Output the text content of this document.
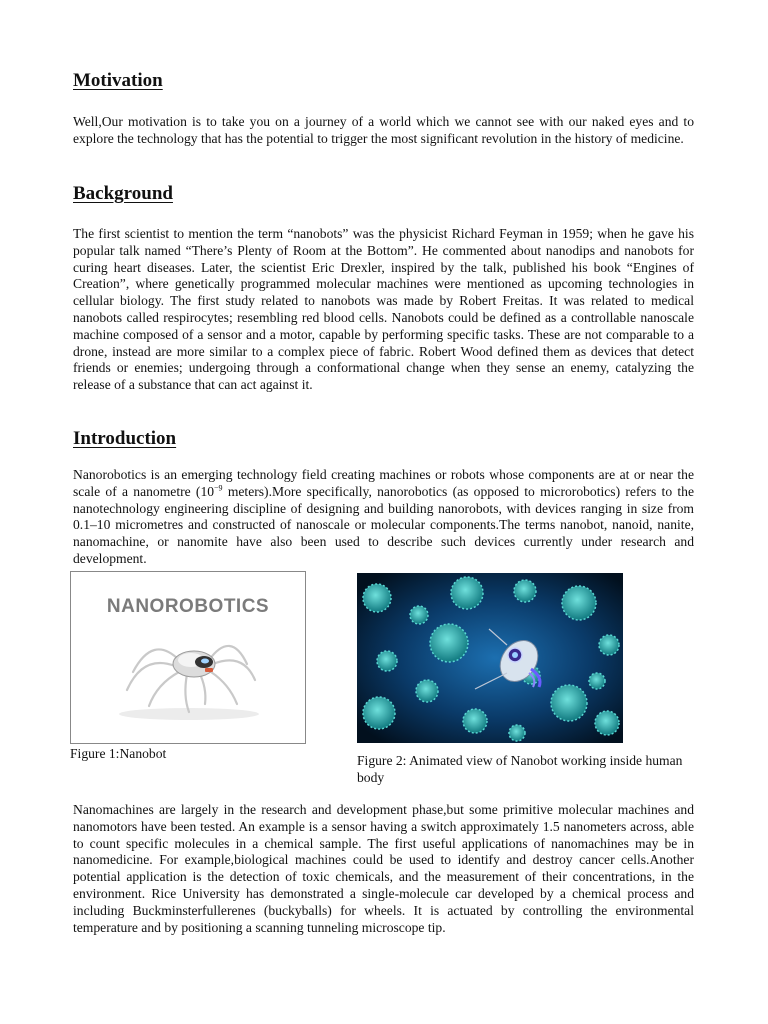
Motivation

Well,Our motivation is to take you on a journey of a world which we cannot see with our naked eyes and to explore the technology that has the potential to trigger the most significant revolution in the history of medicine.

Background

The first scientist to mention the term “nanobots” was the physicist Richard Feyman in 1959; when he gave his popular talk named “There’s Plenty of Room at the Bottom”. He commented about nanodips and nanobots for curing heart diseases. Later, the scientist Eric Drexler, inspired by the talk, published his book “Engines of Creation”, where genetically programmed molecular machines were mentioned as upcoming technologies in cellular biology. The first study related to nanobots was made by Robert Freitas. It was related to medical nanobots called respirocytes; resembling red blood cells. Nanobots could be defined as a controllable nanoscale machine composed of a sensor and a motor, capable by performing specific tasks. These are not comparable to a drone, instead are more similar to a complex piece of fabric. Robert Wood defined them as devices that detect friends or enemies; undergoing through a conformational change when they sense an enemy, catalyzing the release of a substance that can act against it.

Introduction

Nanorobotics is an emerging technology field creating machines or robots whose components are at or near the scale of a nanometre ($10^{-9}$ meters).More specifically, nanorobotics (as opposed to microrobotics) refers to the nanotechnology engineering discipline of designing and building nanorobots, with devices ranging in size from 0.1–10 micrometres and constructed of nanoscale or molecular components.The terms nanobot, nanoid, nanite, nanomachine, or nanomite have also been used to describe such devices currently under research and development.

NANOROBOTICS

Figure 1:Nanobot	Figure 2: Animated view of Nanobot working inside human body

Nanomachines are largely in the research and development phase,but some primitive molecular machines and nanomotors have been tested. An example is a sensor having a switch approximately 1.5 nanometers across, able to count specific molecules in a chemical sample. The first useful applications of nanomachines may be in nanomedicine. For example,biological machines could be used to identify and destroy cancer cells.Another potential application is the detection of toxic chemicals, and the measurement of their concentrations, in the environment. Rice University has demonstrated a single-molecule car developed by a chemical process and including Buckminsterfullerenes (buckyballs) for wheels. It is actuated by controlling the environmental temperature and by positioning a scanning tunneling microscope tip.
